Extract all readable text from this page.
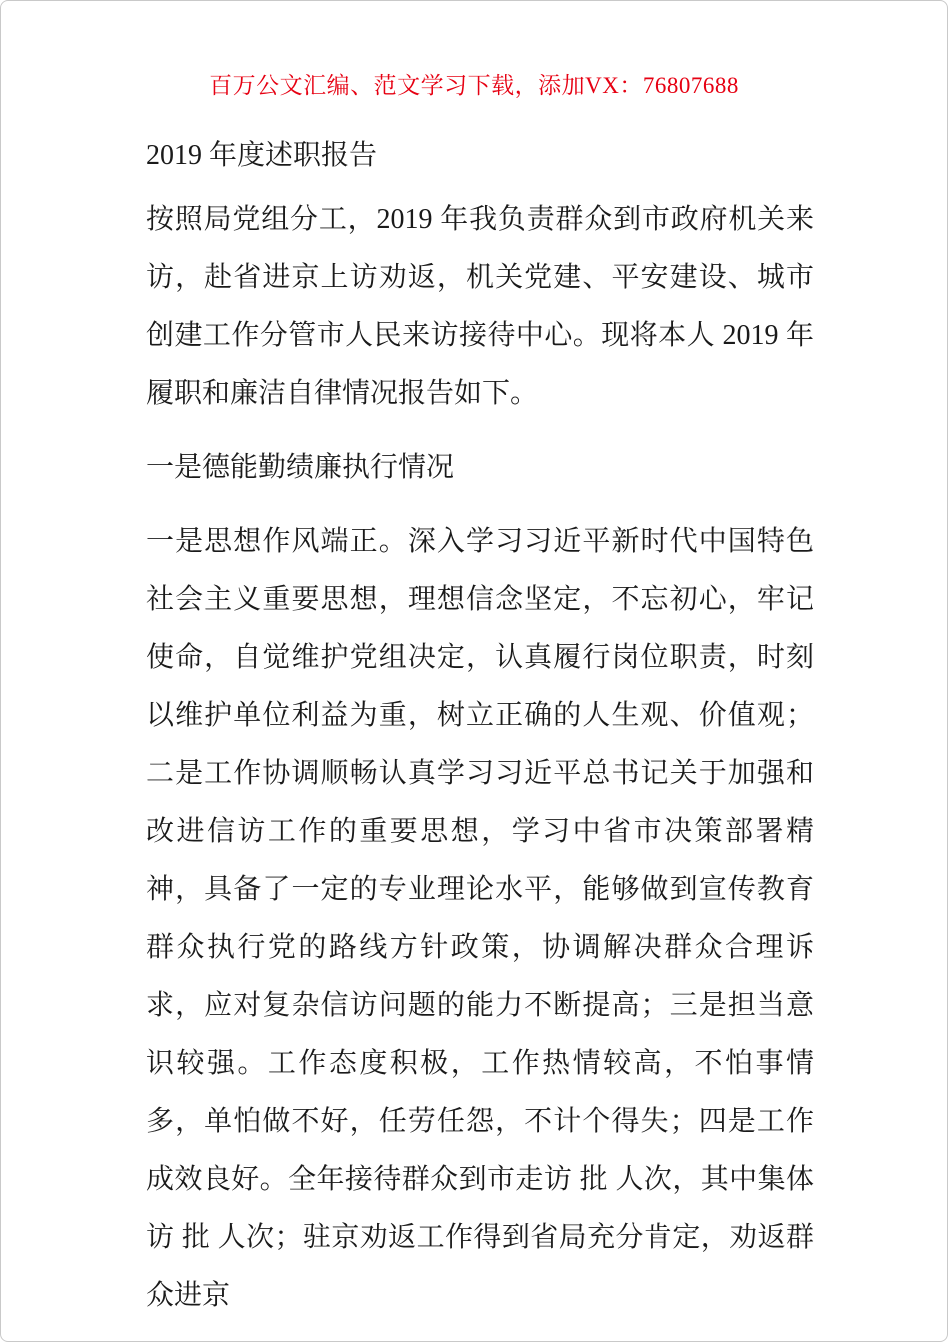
百万公文汇编、范文学习下载，添加VX：76807688
2019 年度述职报告

按照局党组分工，2019 年我负责群众到市政府机关来访，赴省进京上访劝返，机关党建、平安建设、城市创建工作分管市人民来访接待中心。现将本人 2019 年履职和廉洁自律情况报告如下。

一是德能勤绩廉执行情况

一是思想作风端正。深入学习习近平新时代中国特色社会主义重要思想，理想信念坚定，不忘初心，牢记使命，自觉维护党组决定，认真履行岗位职责，时刻以维护单位利益为重，树立正确的人生观、价值观；二是工作协调顺畅认真学习习近平总书记关于加强和改进信访工作的重要思想，学习中省市决策部署精神，具备了一定的专业理论水平，能够做到宣传教育群众执行党的路线方针政策，协调解决群众合理诉求，应对复杂信访问题的能力不断提高；三是担当意识较强。工作态度积极，工作热情较高，不怕事情多，单怕做不好，任劳任怨，不计个得失；四是工作成效良好。全年接待群众到市走访 批 人次，其中集体访 批 人次；驻京劝返工作得到省局充分肯定，劝返群众进京
